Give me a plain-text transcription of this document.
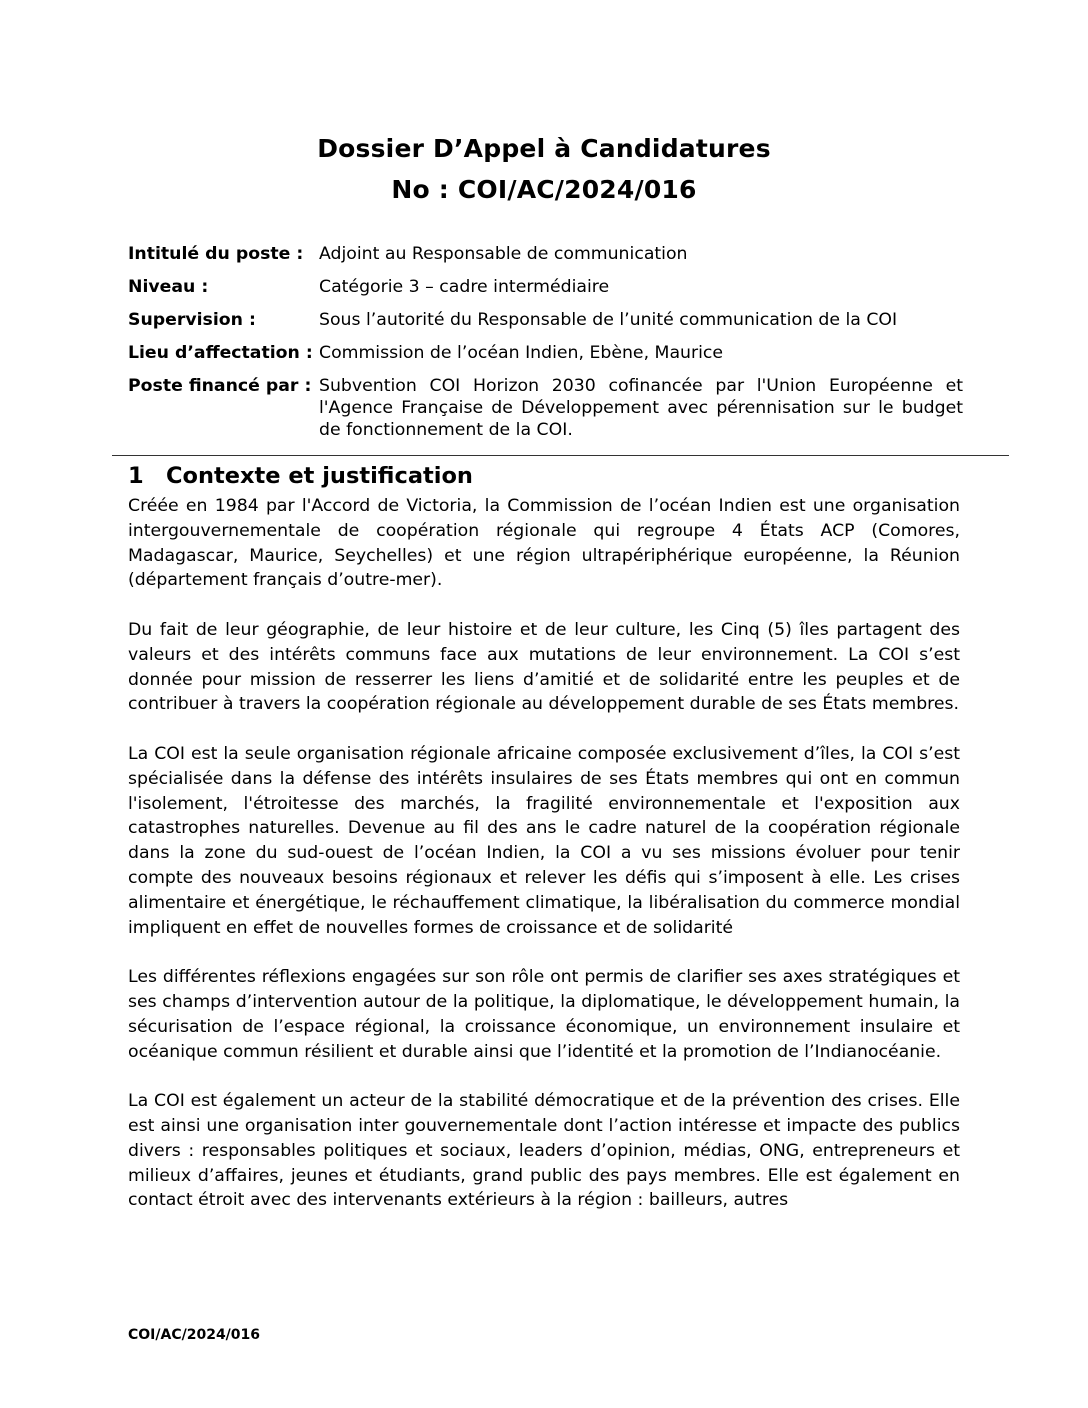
Dossier D’Appel à Candidatures
No : COI/AC/2024/016
Intitulé du poste : Adjoint au Responsable de communication
Niveau :	Catégorie 3 – cadre intermédiaire
Supervision :	Sous l’autorité du Responsable de l’unité communication de la COI
Lieu d’affectation : Commission de l’océan Indien, Ebène, Maurice
Poste financé par : Subvention COI Horizon 2030 cofinancée par l'Union Européenne et l'Agence Française de Développement avec pérennisation sur le budget de fonctionnement de la COI.
1 Contexte et justification

Créée en 1984 par l'Accord de Victoria, la Commission de l’océan Indien est une organisation intergouvernementale de coopération régionale qui regroupe 4 États ACP (Comores, Madagascar, Maurice, Seychelles) et une région ultrapériphérique européenne, la Réunion (département français d’outre-mer).

Du fait de leur géographie, de leur histoire et de leur culture, les Cinq (5) îles partagent des valeurs et des intérêts communs face aux mutations de leur environnement. La COI s’est donnée pour mission de resserrer les liens d’amitié et de solidarité entre les peuples et de contribuer à travers la coopération régionale au développement durable de ses États membres.

La COI est la seule organisation régionale africaine composée exclusivement d’îles, la COI s’est spécialisée dans la défense des intérêts insulaires de ses États membres qui ont en commun l'isolement, l'étroitesse des marchés, la fragilité environnementale et l'exposition aux catastrophes naturelles. Devenue au fil des ans le cadre naturel de la coopération régionale dans la zone du sud-ouest de l’océan Indien, la COI a vu ses missions évoluer pour tenir compte des nouveaux besoins régionaux et relever les défis qui s’imposent à elle. Les crises alimentaire et énergétique, le réchauffement climatique, la libéralisation du commerce mondial impliquent en effet de nouvelles formes de croissance et de solidarité

Les différentes réflexions engagées sur son rôle ont permis de clarifier ses axes stratégiques et ses champs d’intervention autour de la politique, la diplomatique, le développement humain, la sécurisation de l’espace régional, la croissance économique, un environnement insulaire et océanique commun résilient et durable ainsi que l’identité et la promotion de l’Indianocéanie.

La COI est également un acteur de la stabilité démocratique et de la prévention des crises. Elle est ainsi une organisation inter gouvernementale dont l’action intéresse et impacte des publics divers : responsables politiques et sociaux, leaders d’opinion, médias, ONG, entrepreneurs et milieux d’affaires, jeunes et étudiants, grand public des pays membres. Elle est également en contact étroit avec des intervenants extérieurs à la région : bailleurs, autres

COI/AC/2024/016
